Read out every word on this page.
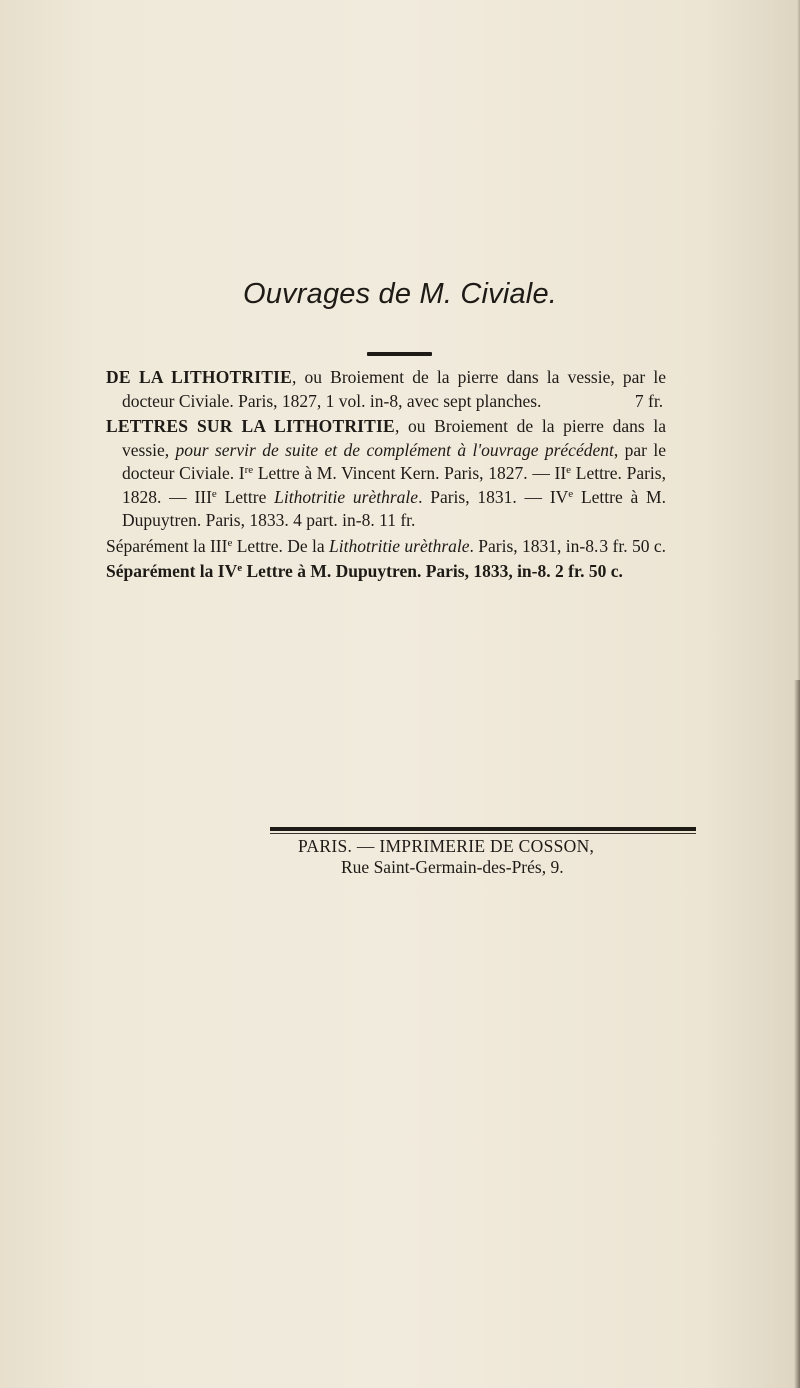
Ouvrages de M. Civiale.

DE LA LITHOTRITIE, ou Broiement de la pierre dans la vessie, par le docteur Civiale. Paris, 1827, 1 vol. in-8, avec sept planches.	7 fr.

LETTRES SUR LA LITHOTRITIE, ou Broiement de la pierre dans la vessie, pour servir de suite et de complément à l'ouvrage précédent, par le docteur Civiale. Ire Lettre à M. Vincent Kern. Paris, 1827. — IIe Lettre. Paris, 1828. — IIIe Lettre Lithotritie urèthrale. Paris, 1831. — IVe Lettre à M. Dupuytren. Paris, 1833. 4 part. in-8. 11 fr.

Séparément la IIIe Lettre. De la Lithotritie urèthrale. Paris, 1831, in-8. 3 fr. 50 c.

Séparément la IVe Lettre à M. Dupuytren. Paris, 1833, in-8. 2 fr. 50 c.

PARIS. — IMPRIMERIE DE COSSON,
Rue Saint-Germain-des-Prés, 9.
